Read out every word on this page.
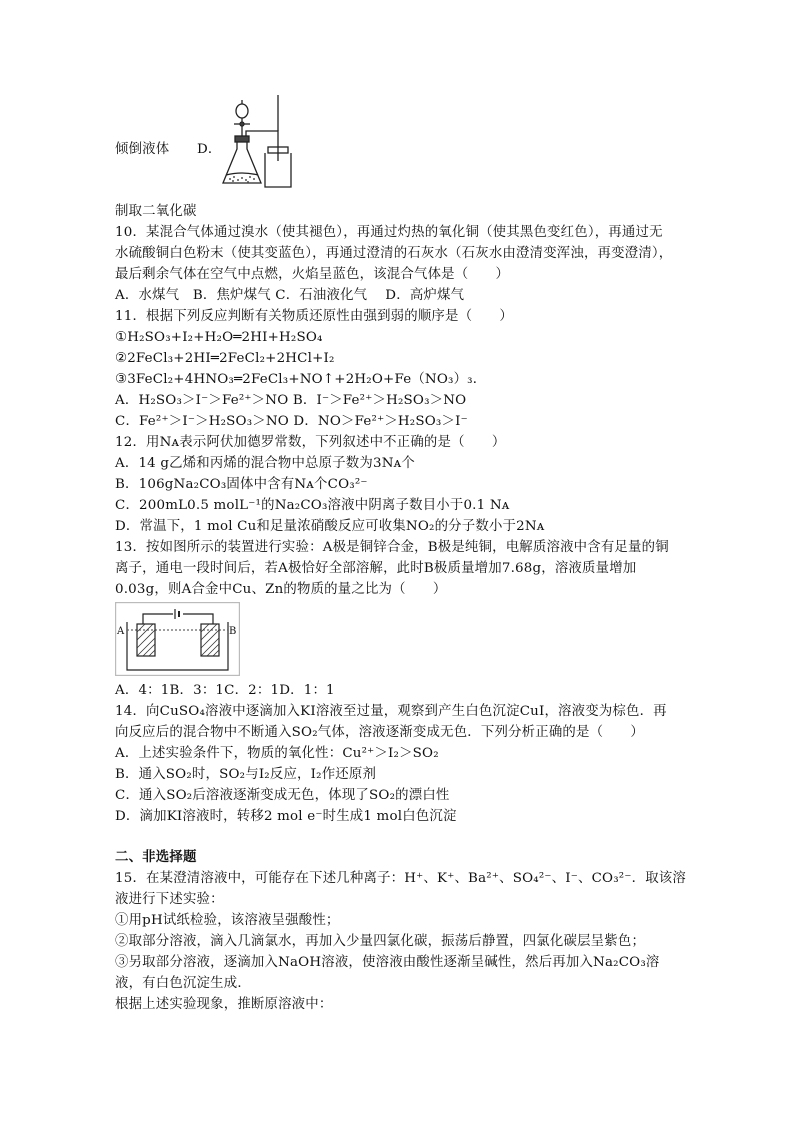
倾倒液体 D．
制取二氧化碳
10．某混合气体通过溴水（使其褪色），再通过灼热的氧化铜（使其黑色变红色），再通过无
水硫酸铜白色粉末（使其变蓝色），再通过澄清的石灰水（石灰水由澄清变浑浊，再变澄清），
最后剩余气体在空气中点燃，火焰呈蓝色，该混合气体是（　　）
A．水煤气　B．焦炉煤气 C．石油液化气　 D．高炉煤气
11．根据下列反应判断有关物质还原性由强到弱的顺序是（　　）
①H₂SO₃+I₂+H₂O═2HI+H₂SO₄
②2FeCl₃+2HI═2FeCl₂+2HCl+I₂
③3FeCl₂+4HNO₃═2FeCl₃+NO↑+2H₂O+Fe（NO₃）₃．
A．H₂SO₃＞I⁻＞Fe²⁺＞NO B．I⁻＞Fe²⁺＞H₂SO₃＞NO
C．Fe²⁺＞I⁻＞H₂SO₃＞NO D．NO＞Fe²⁺＞H₂SO₃＞I⁻
12．用Nᴀ表示阿伏加德罗常数，下列叙述中不正确的是（　　）
A．14 g乙烯和丙烯的混合物中总原子数为3Nᴀ个
B．106gNa₂CO₃固体中含有Nᴀ个CO₃²⁻
C．200mL0.5 molL⁻¹的Na₂CO₃溶液中阴离子数目小于0.1 Nᴀ
D．常温下，1 mol Cu和足量浓硝酸反应可收集NO₂的分子数小于2Nᴀ
13．按如图所示的装置进行实验：A极是铜锌合金，B极是纯铜，电解质溶液中含有足量的铜
离子，通电一段时间后，若A极恰好全部溶解，此时B极质量增加7.68g，溶液质量增加
0.03g，则A合金中Cu、Zn的物质的量之比为（　　）
A	B
A．4：1B．3：1C．2：1D．1：1
14．向CuSO₄溶液中逐滴加入KI溶液至过量，观察到产生白色沉淀CuI，溶液变为棕色．再
向反应后的混合物中不断通入SO₂气体，溶液逐渐变成无色．下列分析正确的是（　　）
A．上述实验条件下，物质的氧化性：Cu²⁺＞I₂＞SO₂
B．通入SO₂时，SO₂与I₂反应，I₂作还原剂
C．通入SO₂后溶液逐渐变成无色，体现了SO₂的漂白性
D．滴加KI溶液时，转移2 mol e⁻时生成1 mol白色沉淀
二、非选择题
15．在某澄清溶液中，可能存在下述几种离子：H⁺、K⁺、Ba²⁺、SO₄²⁻、I⁻、CO₃²⁻．取该溶
液进行下述实验：
①用pH试纸检验，该溶液呈强酸性；
②取部分溶液，滴入几滴氯水，再加入少量四氯化碳，振荡后静置，四氯化碳层呈紫色；
③另取部分溶液，逐滴加入NaOH溶液，使溶液由酸性逐渐呈碱性，然后再加入Na₂CO₃溶
液，有白色沉淀生成．
根据上述实验现象，推断原溶液中：
